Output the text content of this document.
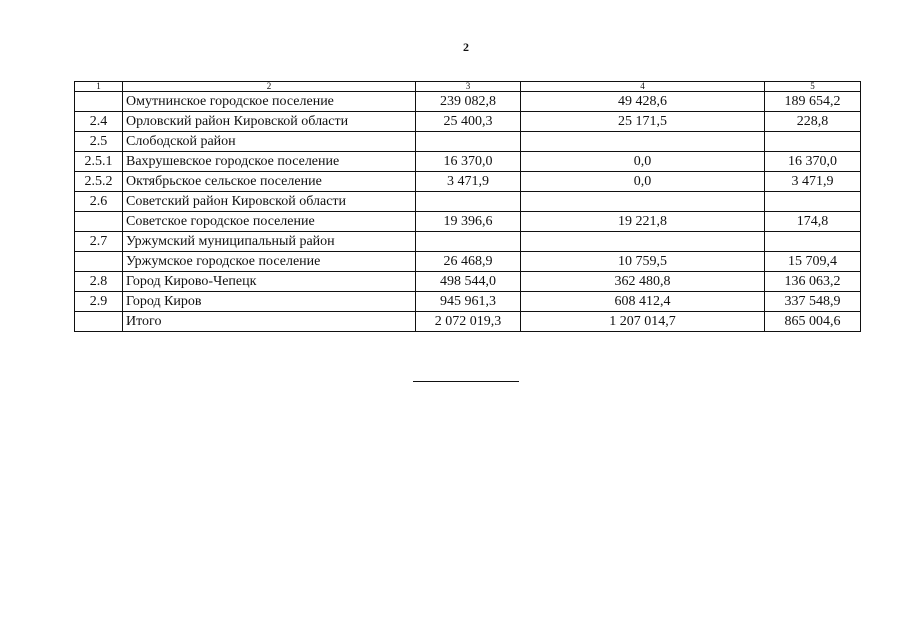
2
1	2	3	4	5
	Омутнинское городское поселение	239 082,8	49 428,6	189 654,2
2.4	Орловский район Кировской области	25 400,3	25 171,5	228,8
2.5	Слободской район			
2.5.1	Вахрушевское городское поселение	16 370,0	0,0	16 370,0
2.5.2	Октябрьское сельское поселение	3 471,9	0,0	3 471,9
2.6	Советский район Кировской области			
	Советское городское поселение	19 396,6	19 221,8	174,8
2.7	Уржумский муниципальный район			
	Уржумское городское поселение	26 468,9	10 759,5	15 709,4
2.8	Город Кирово-Чепецк	498 544,0	362 480,8	136 063,2
2.9	Город Киров	945 961,3	608 412,4	337 548,9
	Итого	2 072 019,3	1 207 014,7	865 004,6
